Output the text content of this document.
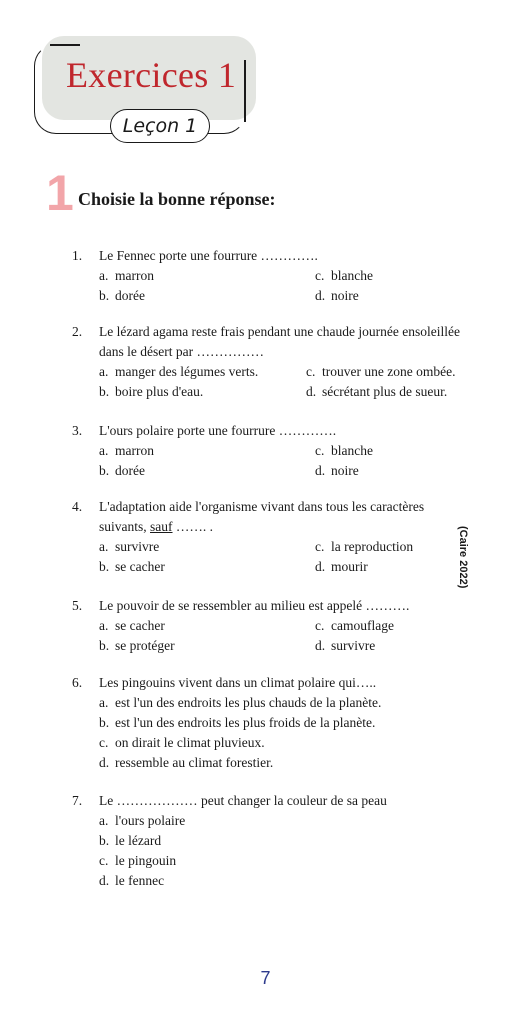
Exercices 1
Leçon 1
1 Choisie la bonne réponse:
1.	Le Fennec porte une fourrure ………….
a. marron	c. blanche
b. dorée	d. noire
2.	Le lézard agama reste frais pendant une chaude journée ensoleillée dans le désert par ……………
a. manger des légumes verts.	c. trouver une zone ombée.
b. boire plus d'eau.	d. sécrétant plus de sueur.
3.	L'ours polaire porte une fourrure ………….
a. marron	c. blanche
b. dorée	d. noire
4.	L'adaptation aide l'organisme vivant dans tous les caractères suivants, sauf ……. .
a. survivre	c. la reproduction
b. se cacher	d. mourir	(Caire 2022)
5.	Le pouvoir de se ressembler au milieu est appelé ……….
a. se cacher	c. camouflage
b. se protéger	d. survivre
6.	Les pingouins vivent dans un climat polaire qui…..
a. est l'un des endroits les plus chauds de la planète.
b. est l'un des endroits les plus froids de la planète.
c. on dirait le climat pluvieux.
d. ressemble au climat forestier.
7.	Le ……………… peut changer la couleur de sa peau
a. l'ours polaire
b. le lézard
c. le pingouin
d. le fennec
7
